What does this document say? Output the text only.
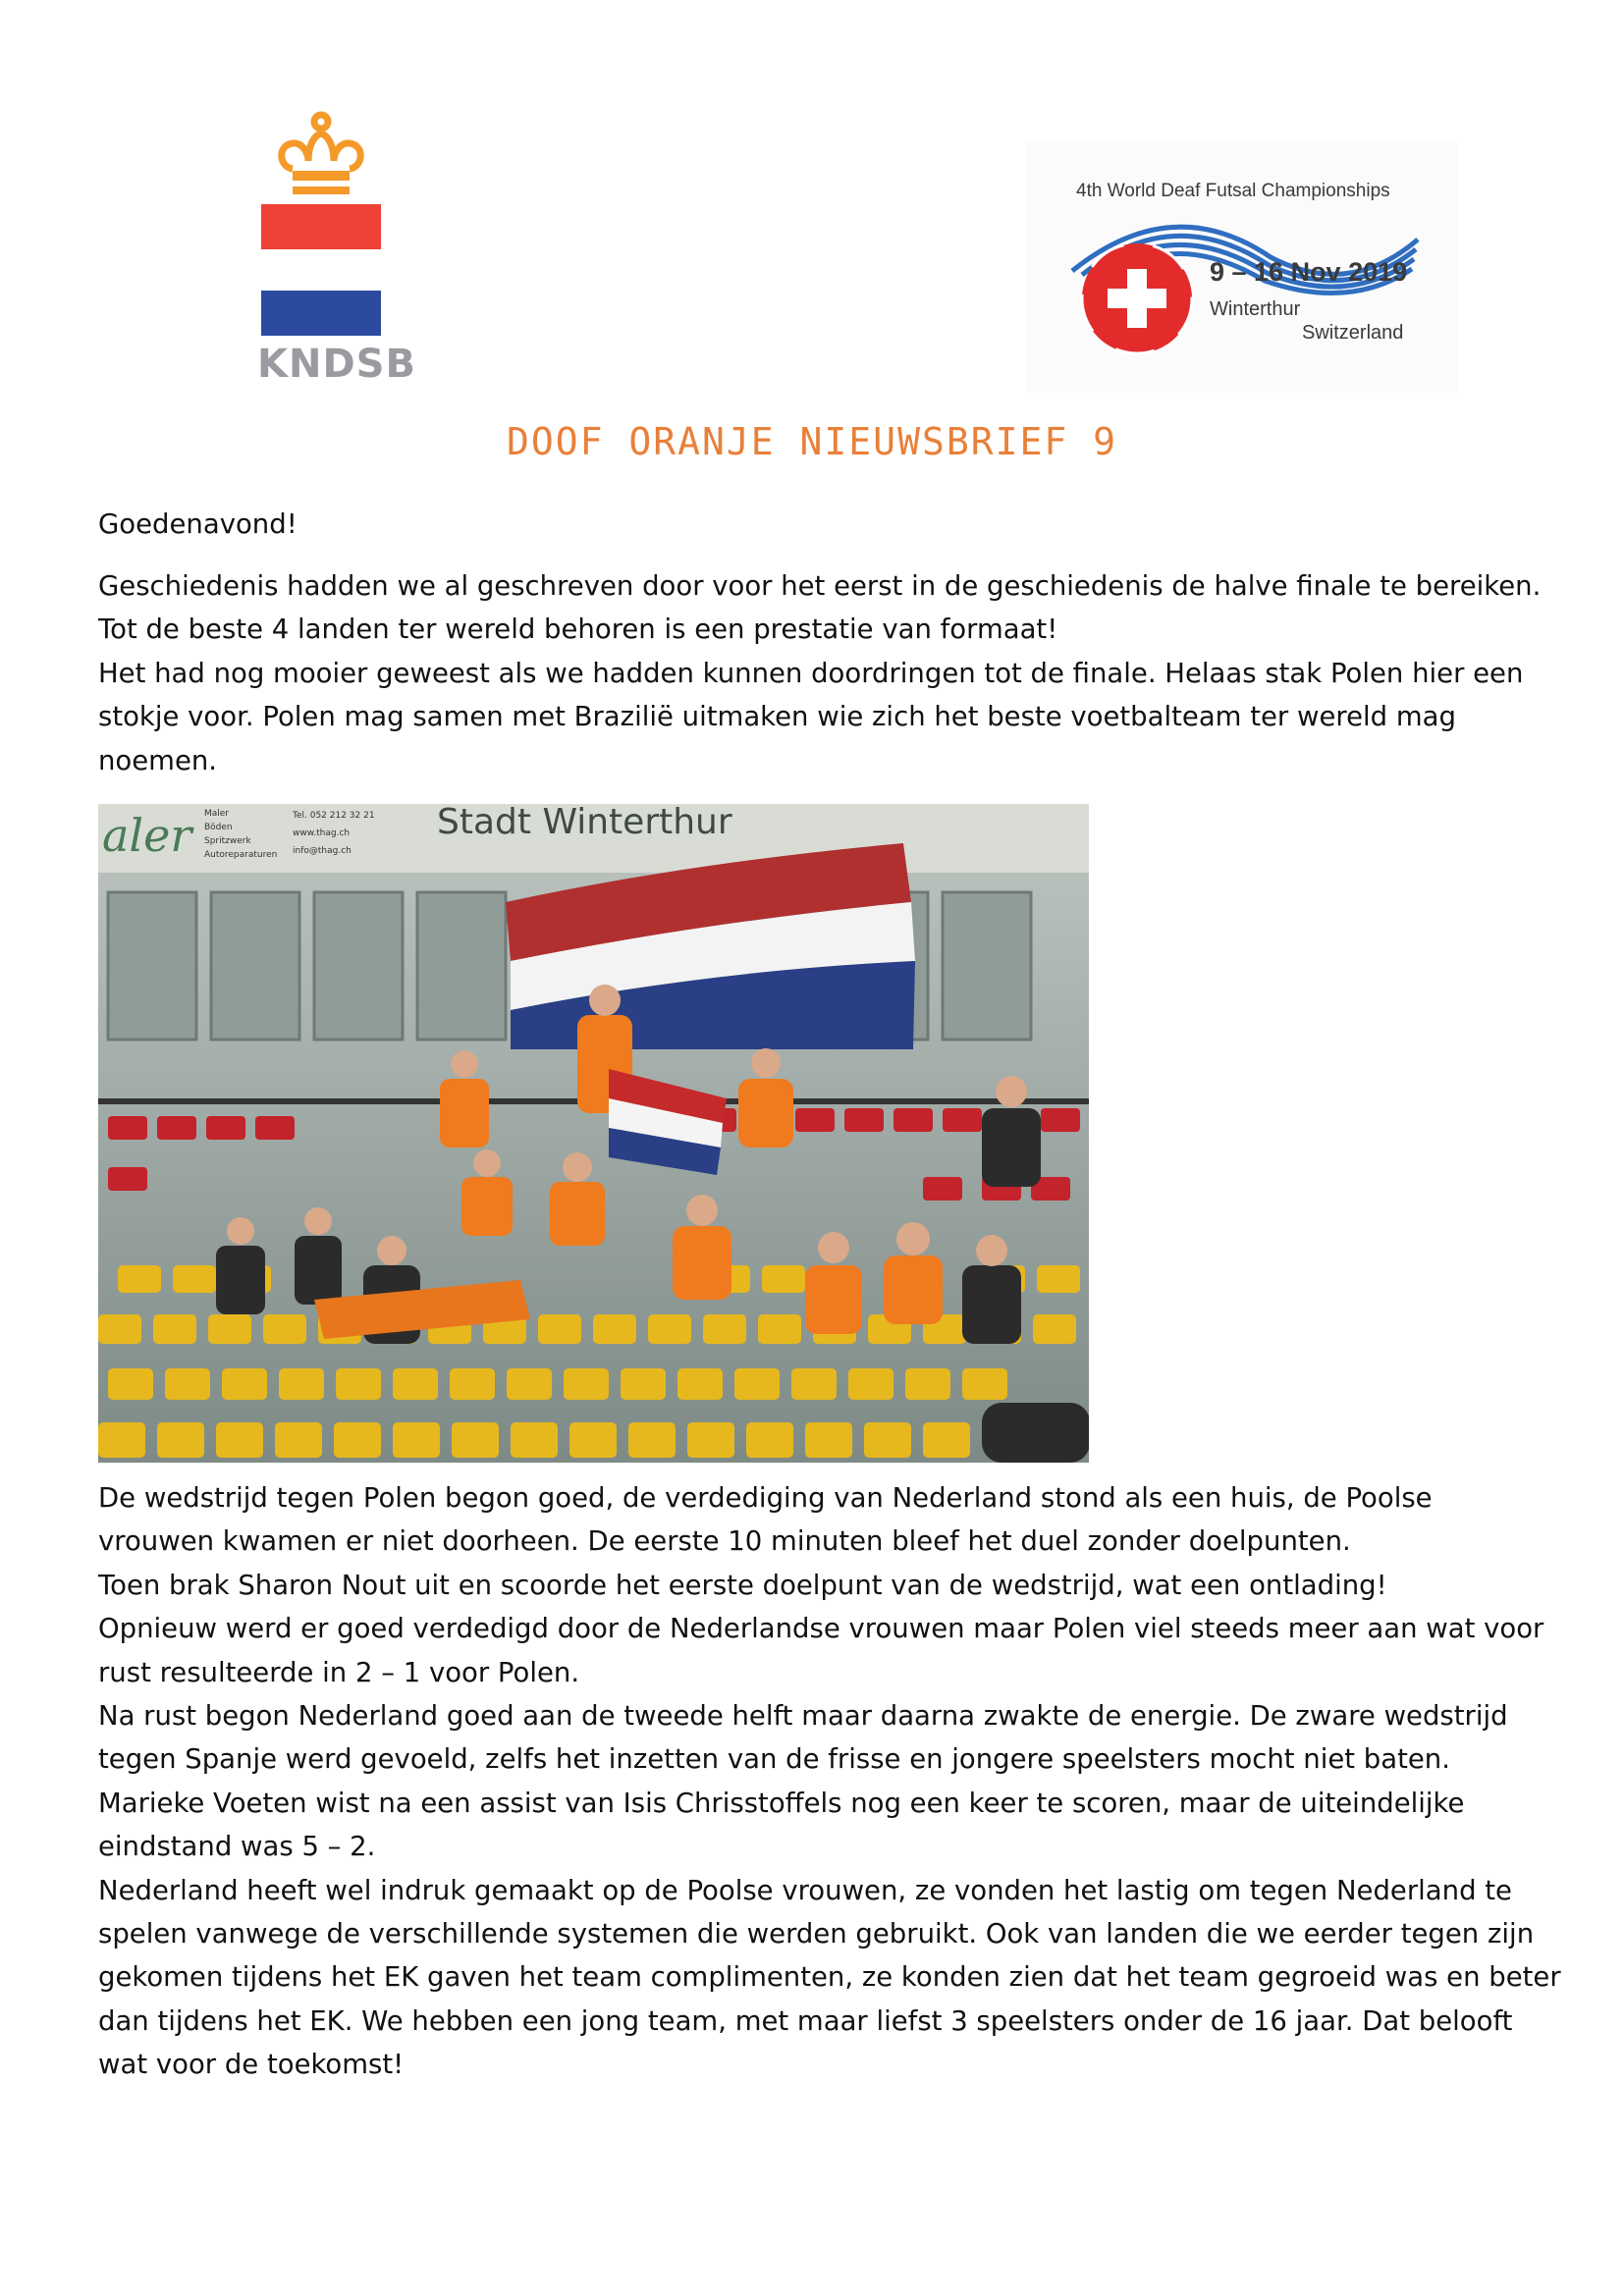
KNDSB
4th World Deaf Futsal Championships
9 – 16 Nov 2019
Winterthur
Switzerland
DOOF ORANJE NIEUWSBRIEF 9

Goedenavond!

Geschiedenis hadden we al geschreven door voor het eerst in de geschiedenis de halve finale te bereiken.

Tot de beste 4 landen ter wereld behoren is een prestatie van formaat!

Het had nog mooier geweest als we hadden kunnen doordringen tot de finale. Helaas stak Polen hier een

stokje voor. Polen mag samen met Brazilië uitmaken wie zich het beste voetbalteam ter wereld mag

noemen.

aler	Maler
Böden
Spritzwerk
Autoreparaturen
Tel. 052 212 32 21
www.thag.ch
info@thag.ch
Stadt Winterthur

De wedstrijd tegen Polen begon goed, de verdediging van Nederland stond als een huis, de Poolse

vrouwen kwamen er niet doorheen. De eerste 10 minuten bleef het duel zonder doelpunten.

Toen brak Sharon Nout uit en scoorde het eerste doelpunt van de wedstrijd, wat een ontlading!

Opnieuw werd er goed verdedigd door de Nederlandse vrouwen maar Polen viel steeds meer aan wat voor

rust resulteerde in 2 – 1 voor Polen.

Na rust begon Nederland goed aan de tweede helft maar daarna zwakte de energie. De zware wedstrijd

tegen Spanje werd gevoeld, zelfs het inzetten van de frisse en jongere speelsters mocht niet baten.

Marieke Voeten wist na een assist van Isis Chrisstoffels nog een keer te scoren, maar de uiteindelijke

eindstand was 5 – 2.

Nederland heeft wel indruk gemaakt op de Poolse vrouwen, ze vonden het lastig om tegen Nederland te

spelen vanwege de verschillende systemen die werden gebruikt. Ook van landen die we eerder tegen zijn

gekomen tijdens het EK gaven het team complimenten, ze konden zien dat het team gegroeid was en beter

dan tijdens het EK. We hebben een jong team, met maar liefst 3 speelsters onder de 16 jaar. Dat belooft

wat voor de toekomst!
